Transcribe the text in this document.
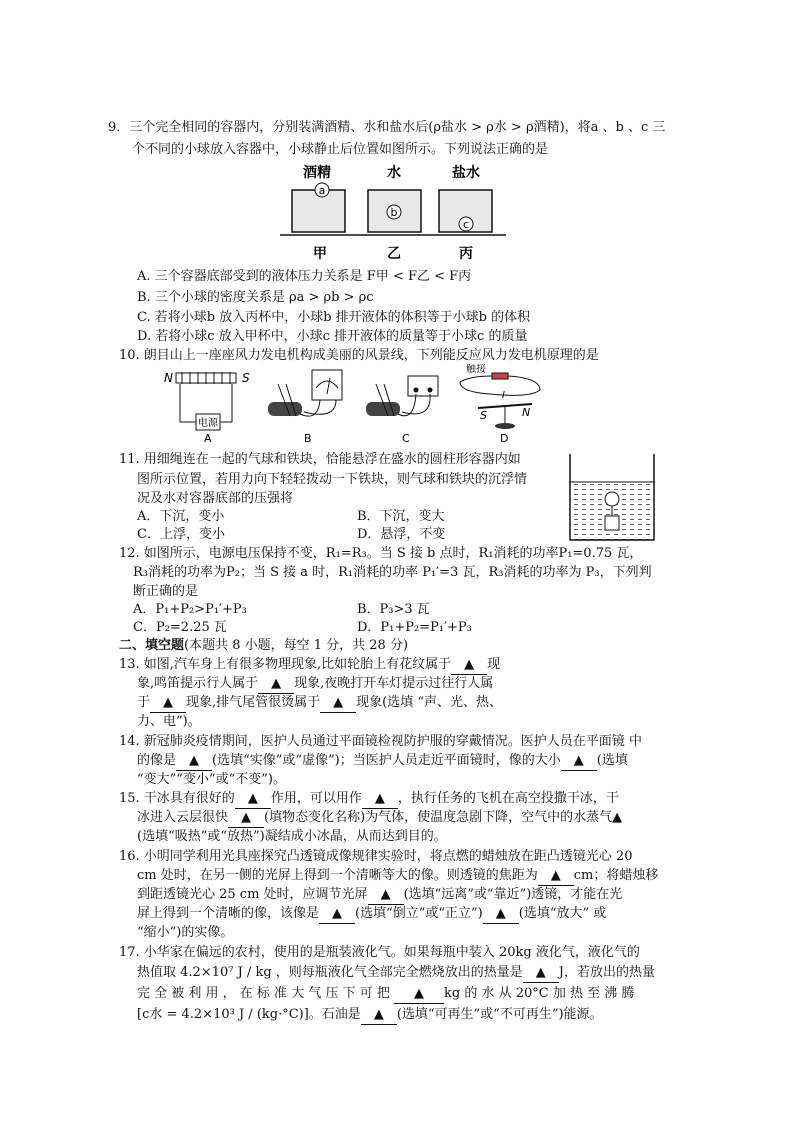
9．三个完全相同的容器内，分别装满酒精、水和盐水后(ρ盐水 > ρ水 > ρ酒精)，将a 、b 、c 三
个不同的小球放入容器中，小球静止后位置如图所示。下列说法正确的是
酒精	水	盐水
a
b
c
甲	乙	丙
A. 三个容器底部受到的液体压力关系是 F甲 < F乙 < F丙
B. 三个小球的密度关系是 ρa > ρb > ρc
C. 若将小球b 放入丙杯中，小球b 排开液体的体积等于小球b 的体积
D. 若将小球c 放入甲杯中，小球c 排开液体的质量等于小球c 的质量
10. 朗目山上一座座风力发电机构成美丽的风景线，下列能反应风力发电机原理的是
N	S
电源
A	B	C
触接
I
S	N
D
11. 用细绳连在一起的气球和铁块，恰能悬浮在盛水的圆柱形容器内如
图所示位置，若用力向下轻轻拨动一下铁块，则气球和铁块的沉浮情
况及水对容器底部的压强将
A．下沉，变小	B．下沉，变大
C．上浮，变小	D．悬浮，不变
12. 如图所示，电源电压保持不变，R₁=R₃。当 S 接 b 点时，R₁消耗的功率P₁=0.75 瓦，
R₃消耗的功率为P₂；当 S 接 a 时，R₁消耗的功率 P₁′=3 瓦，R₃消耗的功率为 P₃，下列判
断正确的是
A．P₁+P₂>P₁′+P₃	B．P₃>3 瓦
C．P₂=2.25 瓦	D．P₁+P₂=P₁′+P₃
二、填空题(本题共 8 小题，每空 1 分，共 28 分)
13. 如图,汽车身上有很多物理现象,比如轮胎上有花纹属于 ▲ 现
象,鸣笛提示行人属于 ▲ 现象,夜晚打开车灯提示过往行人属
于 ▲ 现象,排气尾管很烫属于 ▲ 现象(选填 “声、光、热、
力、电”)。
14. 新冠肺炎疫情期间，医护人员通过平面镜检视防护服的穿戴情况。医护人员在平面镜 中
的像是 ▲ (选填“实像”或“虚像”)；当医护人员走近平面镜时，像的大小 ▲ (选填
“变大”“变小”或“不变”)。
15. 干冰具有很好的 ▲ 作用，可以用作 ▲ ，执行任务的飞机在高空投撒干冰，干
冰进入云层很快 ▲ (填物态变化名称)为气体，使温度急剧下降，空气中的水蒸气▲
(选填“吸热”或“放热”)凝结成小冰晶，从而达到目的。
16. 小明同学利用光具座探究凸透镜成像规律实验时，将点燃的蜡烛放在距凸透镜光心 20
cm 处时，在另一侧的光屏上得到一个清晰等大的像。则透镜的焦距为 ▲ cm；将蜡烛移
到距透镜光心 25 cm 处时，应调节光屏 ▲ (选填“远离”或“靠近”)透镜，才能在光
屏上得到一个清晰的像，该像是 ▲ (选填“倒立”或“正立”) ▲ (选填“放大” 或
“缩小”)的实像。
17. 小华家在偏远的农村，使用的是瓶装液化气。如果每瓶中装入 20kg 液化气，液化气的
热值取 4.2×10⁷ J / kg ，则每瓶液化气全部完全燃烧放出的热量是 ▲ J，若放出的热量
完 全 被 利 用 ， 在 标 准 大 气 压 下 可 把 ▲ kg 的 水 从 20°C 加 热 至 沸 腾
[c水 = 4.2×10³ J / (kg·°C)]。石油是 ▲ (选填“可再生”或“不可再生”)能源。
